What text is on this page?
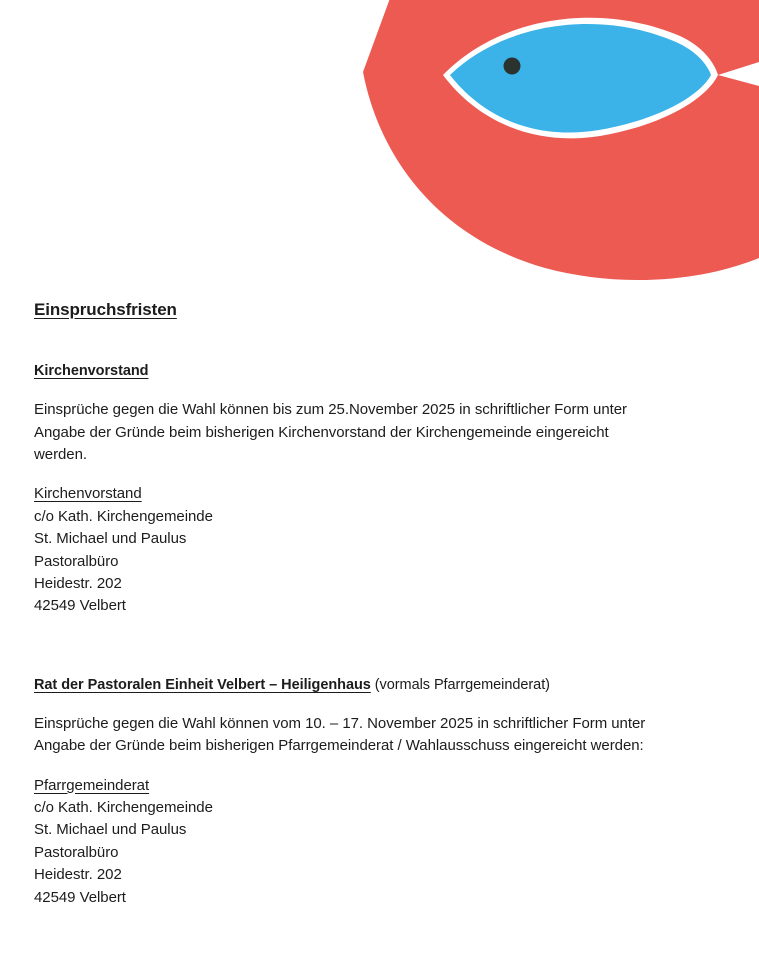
Einspruchsfristen
Kirchenvorstand

Einsprüche gegen die Wahl können bis zum 25.November 2025 in schriftlicher Form unter Angabe der Gründe beim bisherigen Kirchenvorstand der Kirchengemeinde eingereicht werden.

Kirchenvorstand
c/o Kath. Kirchengemeinde
St. Michael und Paulus
Pastoralbüro
Heidestr. 202
42549 Velbert
Rat der Pastoralen Einheit Velbert – Heiligenhaus (vormals Pfarrgemeinderat)

Einsprüche gegen die Wahl können vom 10. – 17. November 2025 in schriftlicher Form unter Angabe der Gründe beim bisherigen Pfarrgemeinderat / Wahlausschuss eingereicht werden:

Pfarrgemeinderat
c/o Kath. Kirchengemeinde
St. Michael und Paulus
Pastoralbüro
Heidestr. 202
42549 Velbert
